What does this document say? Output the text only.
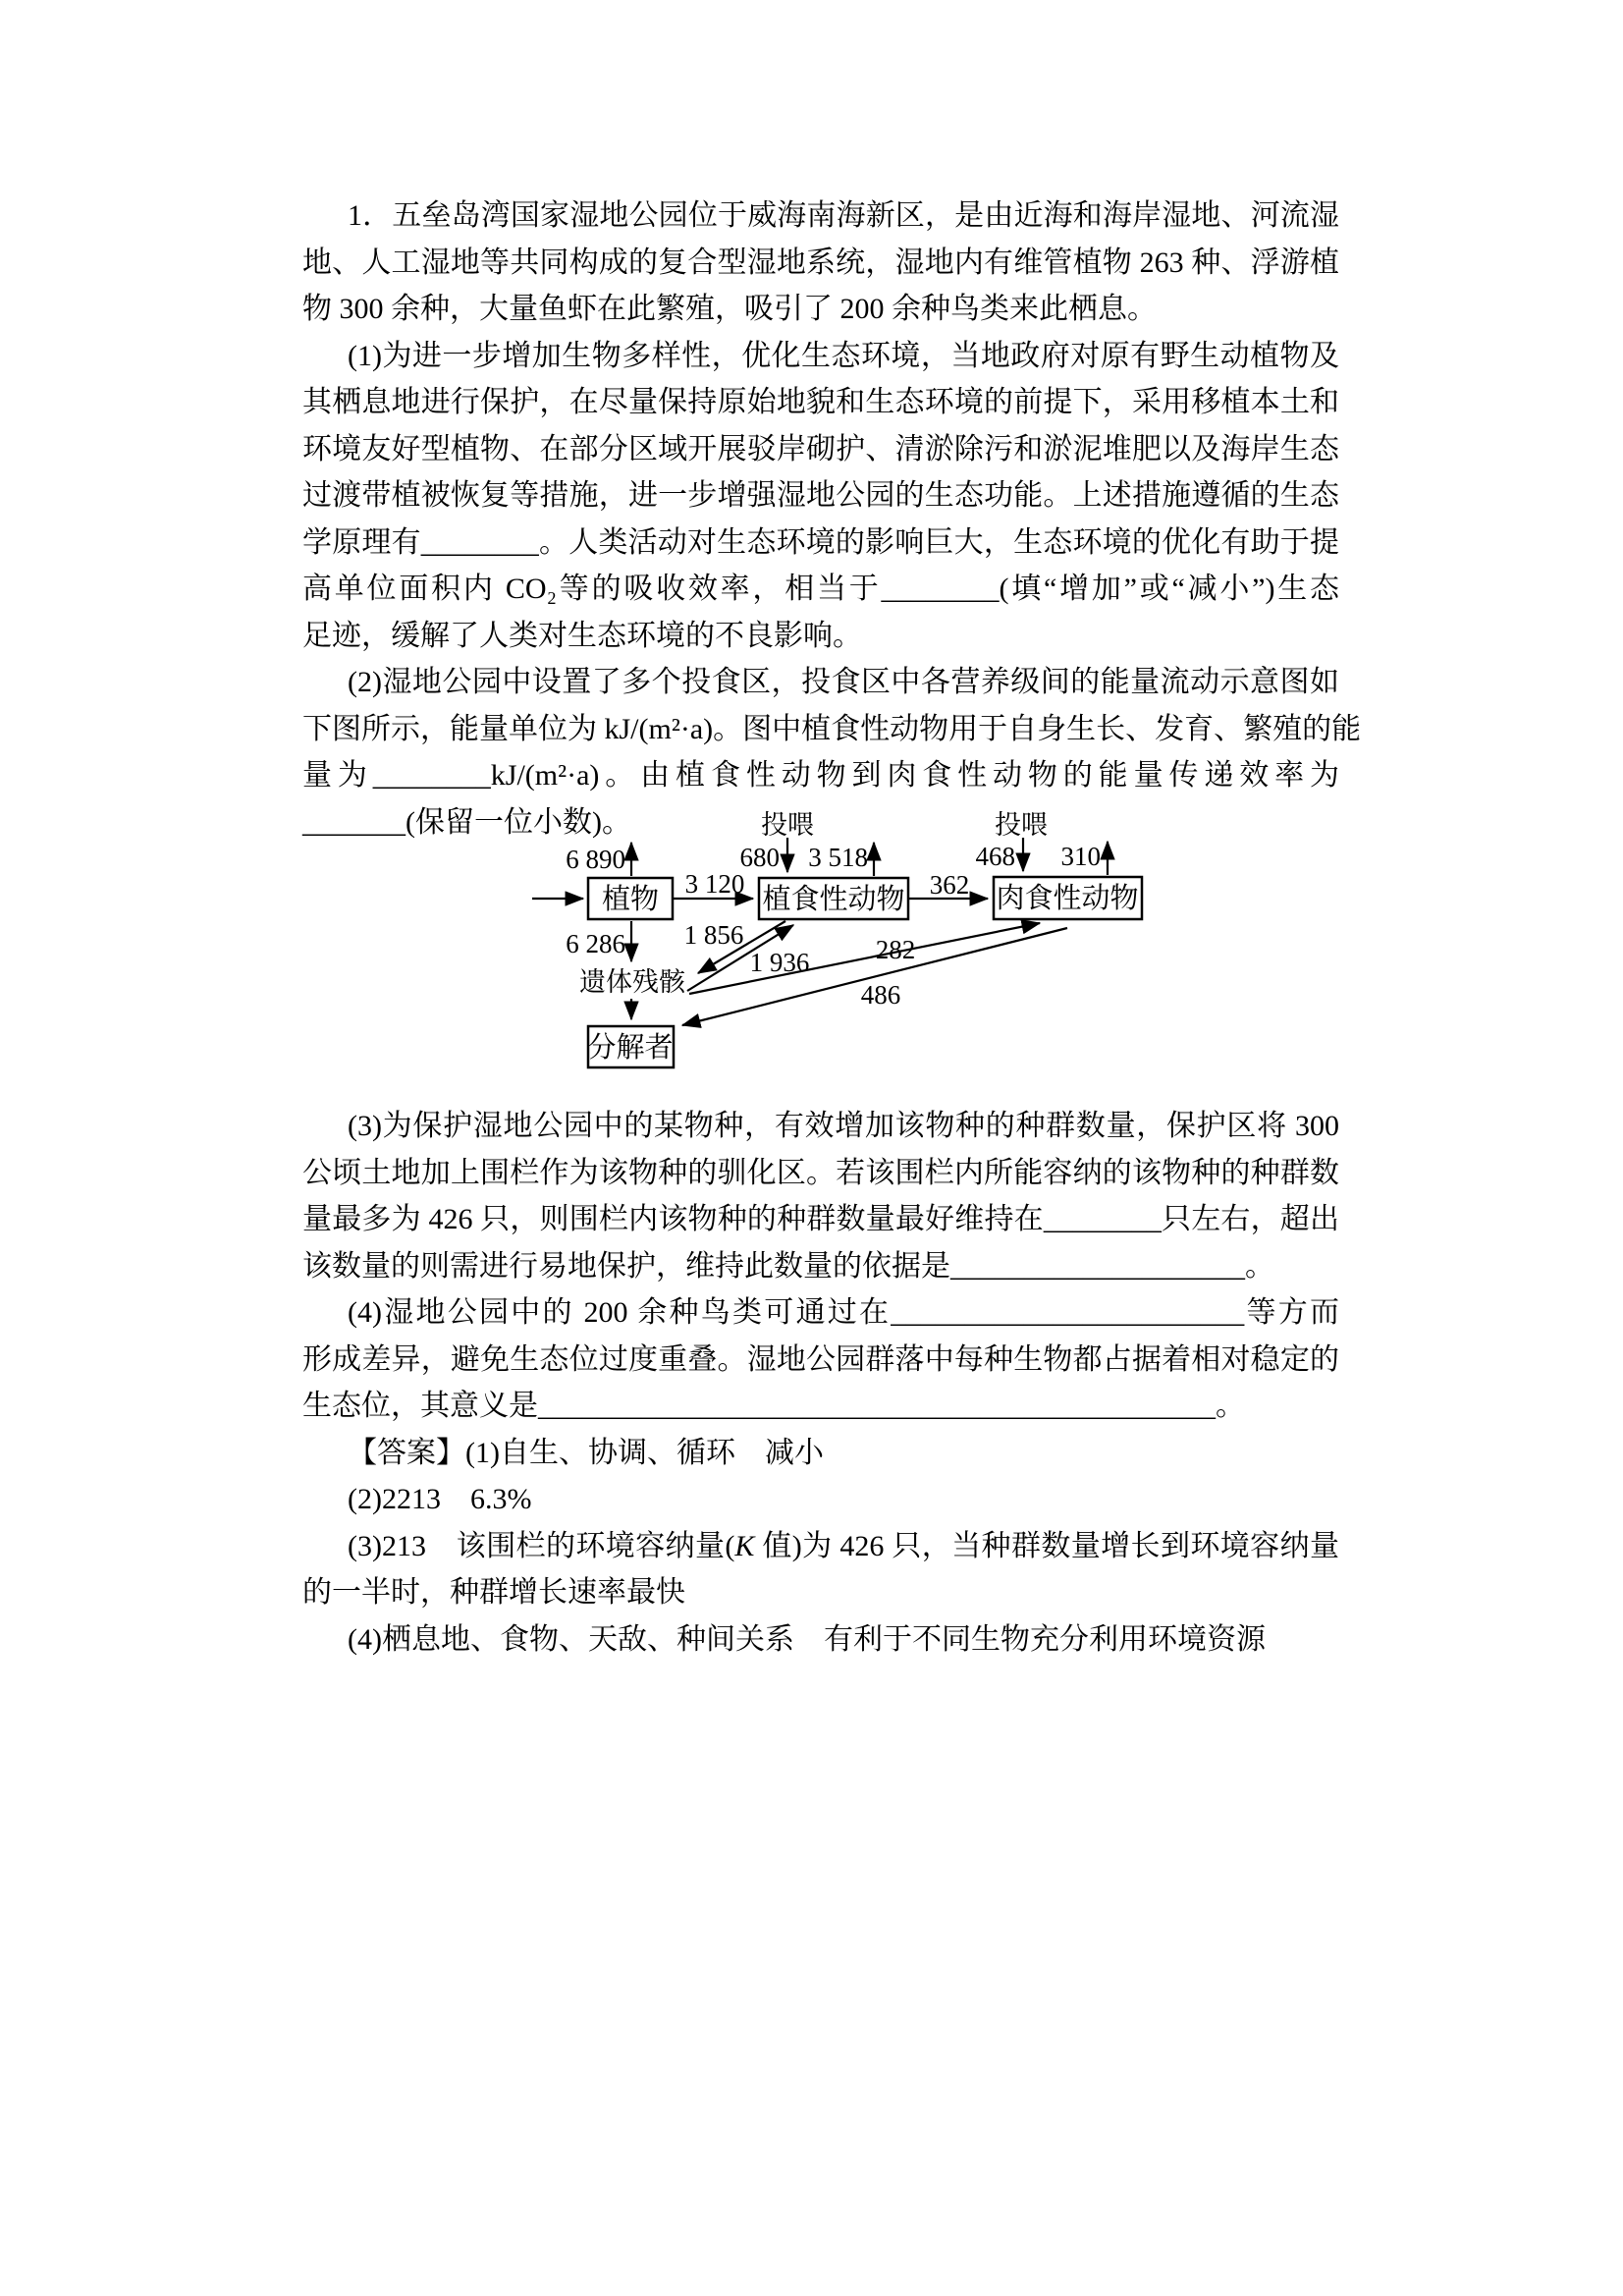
1．五垒岛湾国家湿地公园位于威海南海新区，是由近海和海岸湿地、河流湿
地、人工湿地等共同构成的复合型湿地系统，湿地内有维管植物 263 种、浮游植
物 300 余种，大量鱼虾在此繁殖，吸引了 200 余种鸟类来此栖息。
(1)为进一步增加生物多样性，优化生态环境，当地政府对原有野生动植物及
其栖息地进行保护，在尽量保持原始地貌和生态环境的前提下，采用移植本土和
环境友好型植物、在部分区域开展驳岸砌护、清淤除污和淤泥堆肥以及海岸生态
过渡带植被恢复等措施，进一步增强湿地公园的生态功能。上述措施遵循的生态
学原理有________。人类活动对生态环境的影响巨大，生态环境的优化有助于提
高单位面积内 CO₂等的吸收效率，相当于________(填“增加”或“减小”)生态
足迹，缓解了人类对生态环境的不良影响。
(2)湿地公园中设置了多个投食区，投食区中各营养级间的能量流动示意图如
下图所示，能量单位为 kJ/(m²·a)。图中植食性动物用于自身生长、发育、繁殖的能
量为________kJ/(m²·a)。由植食性动物到肉食性动物的能量传递效率为
_______(保留一位小数)。
(3)为保护湿地公园中的某物种，有效增加该物种的种群数量，保护区将 300
公顷土地加上围栏作为该物种的驯化区。若该围栏内所能容纳的该物种的种群数
量最多为 426 只，则围栏内该物种的种群数量最好维持在________只左右，超出
该数量的则需进行易地保护，维持此数量的依据是____________________。
(4)湿地公园中的 200 余种鸟类可通过在________________________等方而
形成差异，避免生态位过度重叠。湿地公园群落中每种生物都占据着相对稳定的
生态位，其意义是______________________________________________。
【答案】(1)自生、协调、循环　减小
(2)2213　6.3%
(3)213　该围栏的环境容纳量(K 值)为 426 只，当种群数量增长到环境容纳量
的一半时，种群增长速率最快
(4)栖息地、食物、天敌、种间关系　有利于不同生物充分利用环境资源
投喂	投喂
植物	植食性动物	肉食性动物
分解者
遗体残骸
6 890
6 286
3 120
680 3 518
362
468 310
1 856
1 936 282
486
